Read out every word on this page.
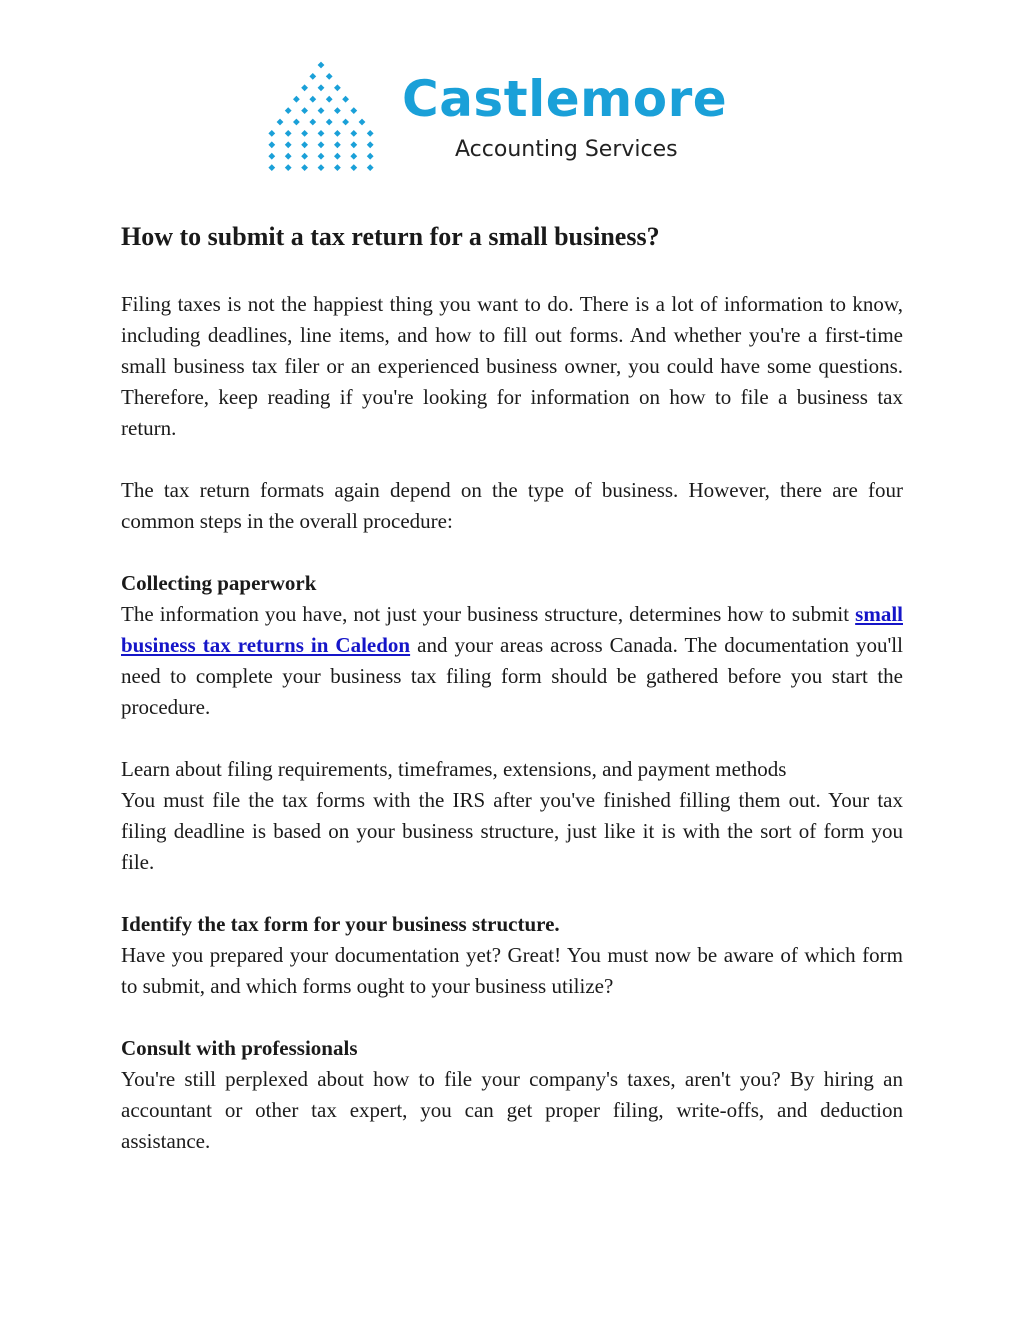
Castlemore
Accounting Services
How to submit a tax return for a small business?

Filing taxes is not the happiest thing you want to do. There is a lot of information to know, including deadlines, line items, and how to fill out forms. And whether you're a first-time small business tax filer or an experienced business owner, you could have some questions. Therefore, keep reading if you're looking for information on how to file a business tax return.

The tax return formats again depend on the type of business. However, there are four common steps in the overall procedure:

Collecting paperwork

The information you have, not just your business structure, determines how to submit small business tax returns in Caledon and your areas across Canada. The documentation you'll need to complete your business tax filing form should be gathered before you start the procedure.

Learn about filing requirements, timeframes, extensions, and payment methods

You must file the tax forms with the IRS after you've finished filling them out. Your tax filing deadline is based on your business structure, just like it is with the sort of form you file.

Identify the tax form for your business structure.

Have you prepared your documentation yet? Great! You must now be aware of which form to submit, and which forms ought to your business utilize?

Consult with professionals

You're still perplexed about how to file your company's taxes, aren't you? By hiring an accountant or other tax expert, you can get proper filing, write-offs, and deduction assistance.
